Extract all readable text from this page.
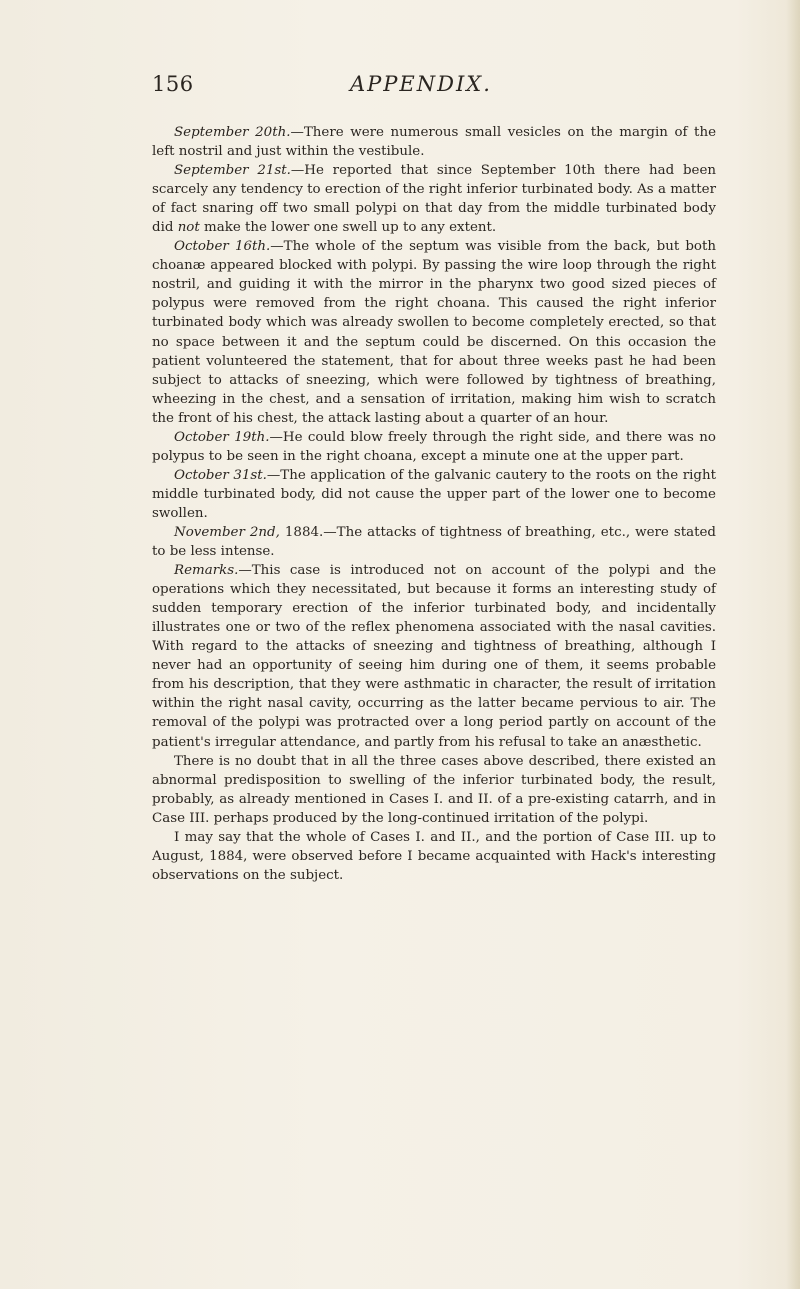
156	APPENDIX.

September 20th.—There were numerous small vesicles on the margin of the left nostril and just within the vestibule.

September 21st.—He reported that since September 10th there had been scarcely any tendency to erection of the right inferior turbinated body. As a matter of fact snaring off two small polypi on that day from the middle turbinated body did not make the lower one swell up to any extent.

October 16th.—The whole of the septum was visible from the back, but both choanæ appeared blocked with polypi. By passing the wire loop through the right nostril, and guiding it with the mirror in the pharynx two good sized pieces of polypus were removed from the right choana. This caused the right inferior turbinated body which was already swollen to become completely erected, so that no space between it and the septum could be discerned. On this occasion the patient volunteered the statement, that for about three weeks past he had been subject to attacks of sneezing, which were followed by tightness of breathing, wheezing in the chest, and a sensation of irritation, making him wish to scratch the front of his chest, the attack lasting about a quarter of an hour.

October 19th.—He could blow freely through the right side, and there was no polypus to be seen in the right choana, except a minute one at the upper part.

October 31st.—The application of the galvanic cautery to the roots on the right middle turbinated body, did not cause the upper part of the lower one to become swollen.

November 2nd, 1884.—The attacks of tightness of breathing, etc., were stated to be less intense.

Remarks.—This case is introduced not on account of the polypi and the operations which they necessitated, but because it forms an interesting study of sudden temporary erection of the inferior turbinated body, and incidentally illustrates one or two of the reflex phenomena associated with the nasal cavities. With regard to the attacks of sneezing and tightness of breathing, although I never had an opportunity of seeing him during one of them, it seems probable from his description, that they were asthmatic in character, the result of irritation within the right nasal cavity, occurring as the latter became pervious to air. The removal of the polypi was protracted over a long period partly on account of the patient's irregular attendance, and partly from his refusal to take an anæsthetic.

There is no doubt that in all the three cases above described, there existed an abnormal predisposition to swelling of the inferior turbinated body, the result, probably, as already mentioned in Cases I. and II. of a pre-existing catarrh, and in Case III. perhaps produced by the long-continued irritation of the polypi.

I may say that the whole of Cases I. and II., and the portion of Case III. up to August, 1884, were observed before I became acquainted with Hack's interesting observations on the subject.
